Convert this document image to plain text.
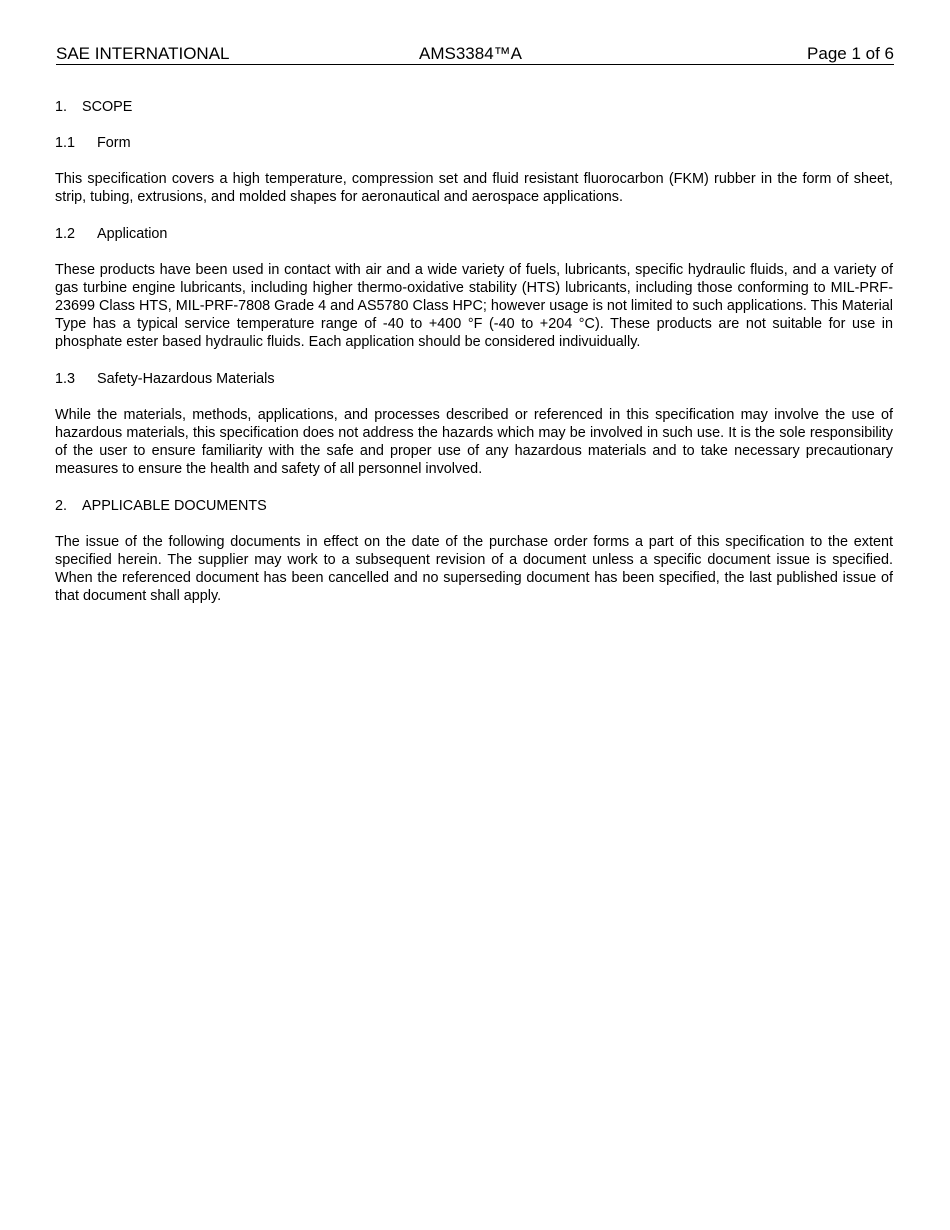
SAE INTERNATIONAL	AMS3384™A	Page 1 of 6
1.	SCOPE
1.1	Form

This specification covers a high temperature, compression set and fluid resistant fluorocarbon (FKM) rubber in the form of sheet, strip, tubing, extrusions, and molded shapes for aeronautical and aerospace applications.

1.2	Application

These products have been used in contact with air and a wide variety of fuels, lubricants, specific hydraulic fluids, and a variety of gas turbine engine lubricants, including higher thermo-oxidative stability (HTS) lubricants, including those conforming to MIL-PRF-23699 Class HTS, MIL-PRF-7808 Grade 4 and AS5780 Class HPC; however usage is not limited to such applications. This Material Type has a typical service temperature range of -40 to +400 °F (-40 to +204 °C). These products are not suitable for use in phosphate ester based hydraulic fluids. Each application should be considered indivuidually.

1.3	Safety-Hazardous Materials

While the materials, methods, applications, and processes described or referenced in this specification may involve the use of hazardous materials, this specification does not address the hazards which may be involved in such use. It is the sole responsibility of the user to ensure familiarity with the safe and proper use of any hazardous materials and to take necessary precautionary measures to ensure the health and safety of all personnel involved.

2.	APPLICABLE DOCUMENTS

The issue of the following documents in effect on the date of the purchase order forms a part of this specification to the extent specified herein. The supplier may work to a subsequent revision of a document unless a specific document issue is specified. When the referenced document has been cancelled and no superseding document has been specified, the last published issue of that document shall apply.
